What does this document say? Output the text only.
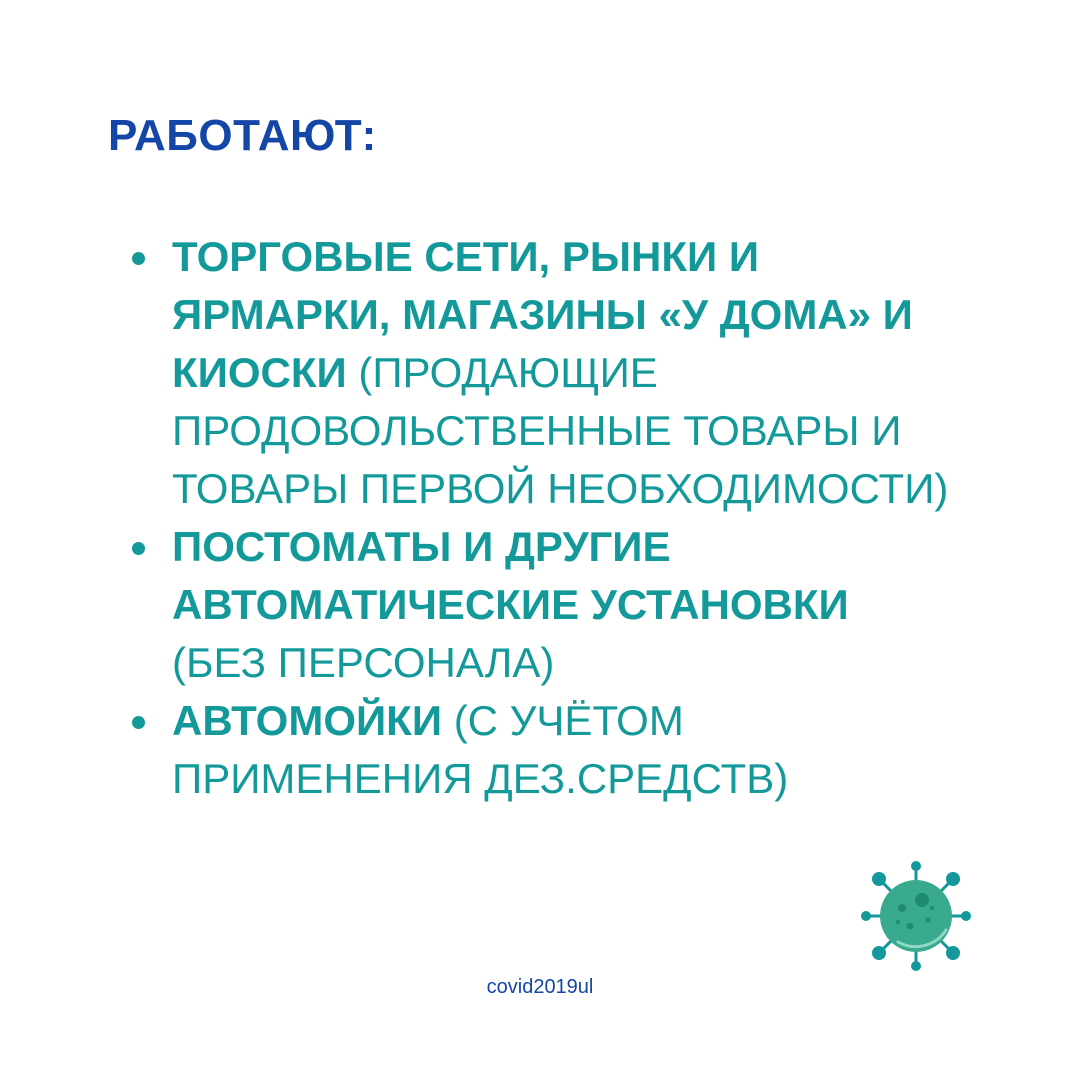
РАБОТАЮТ:
ТОРГОВЫЕ СЕТИ, РЫНКИ И ЯРМАРКИ, МАГАЗИНЫ «У ДОМА» И КИОСКИ (ПРОДАЮЩИЕ ПРОДОВОЛЬСТВЕННЫЕ ТОВАРЫ И ТОВАРЫ ПЕРВОЙ НЕОБХОДИМОСТИ)
ПОСТОМАТЫ И ДРУГИЕ АВТОМАТИЧЕСКИЕ УСТАНОВКИ (БЕЗ ПЕРСОНАЛА)
АВТОМОЙКИ (С УЧЁТОМ ПРИМЕНЕНИЯ ДЕЗ.СРЕДСТВ)
covid2019ul
